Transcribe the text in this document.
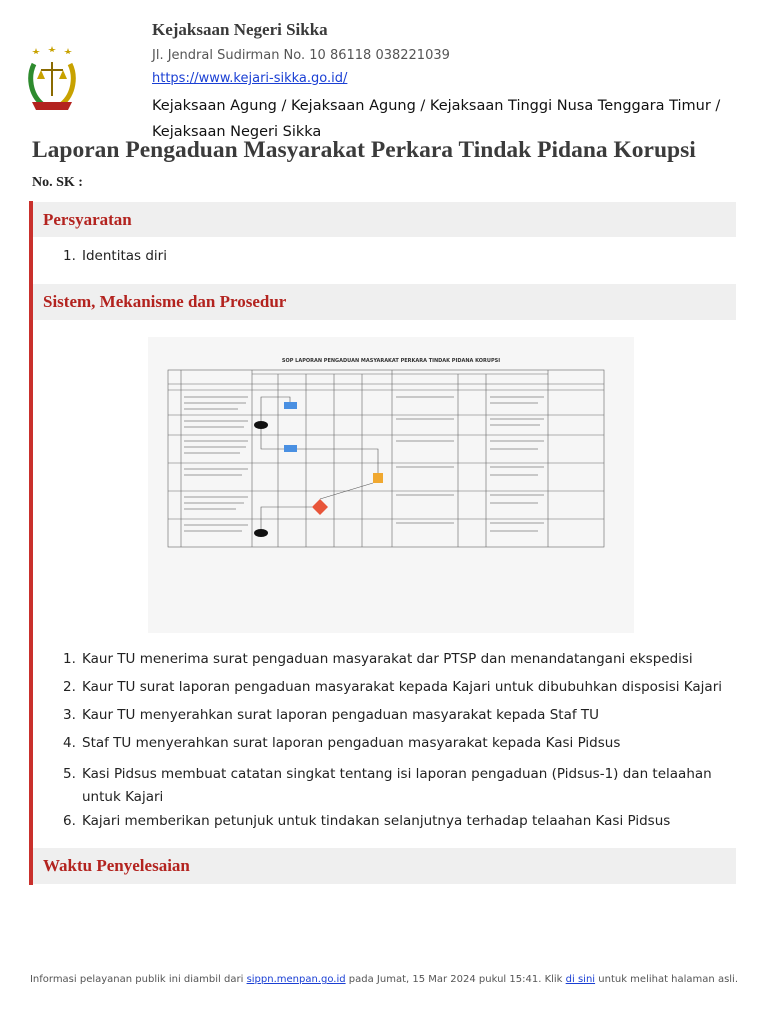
Kejaksaan Negeri Sikka
Jl. Jendral Sudirman No. 10 86118 038221039
https://www.kejari-sikka.go.id/
Kejaksaan Agung / Kejaksaan Agung / Kejaksaan Tinggi Nusa Tenggara Timur / Kejaksaan Negeri Sikka
Laporan Pengaduan Masyarakat Perkara Tindak Pidana Korupsi
No. SK :
Persyaratan
1. Identitas diri
Sistem, Mekanisme dan Prosedur
SOP LAPORAN PENGADUAN MASYARAKAT PERKARA TINDAK PIDANA KORUPSI
1. Kaur TU menerima surat pengaduan masyarakat dar PTSP dan menandatangani ekspedisi
2. Kaur TU surat laporan pengaduan masyarakat kepada Kajari untuk dibubuhkan disposisi Kajari
3. Kaur TU menyerahkan surat laporan pengaduan masyarakat kepada Staf TU
4. Staf TU menyerahkan surat laporan pengaduan masyarakat kepada Kasi Pidsus
5. Kasi Pidsus membuat catatan singkat tentang isi laporan pengaduan (Pidsus-1) dan telaahan untuk Kajari
6. Kajari memberikan petunjuk untuk tindakan selanjutnya terhadap telaahan Kasi Pidsus
Waktu Penyelesaian
Informasi pelayanan publik ini diambil dari sippn.menpan.go.id pada Jumat, 15 Mar 2024 pukul 15:41. Klik di sini untuk melihat halaman asli.
